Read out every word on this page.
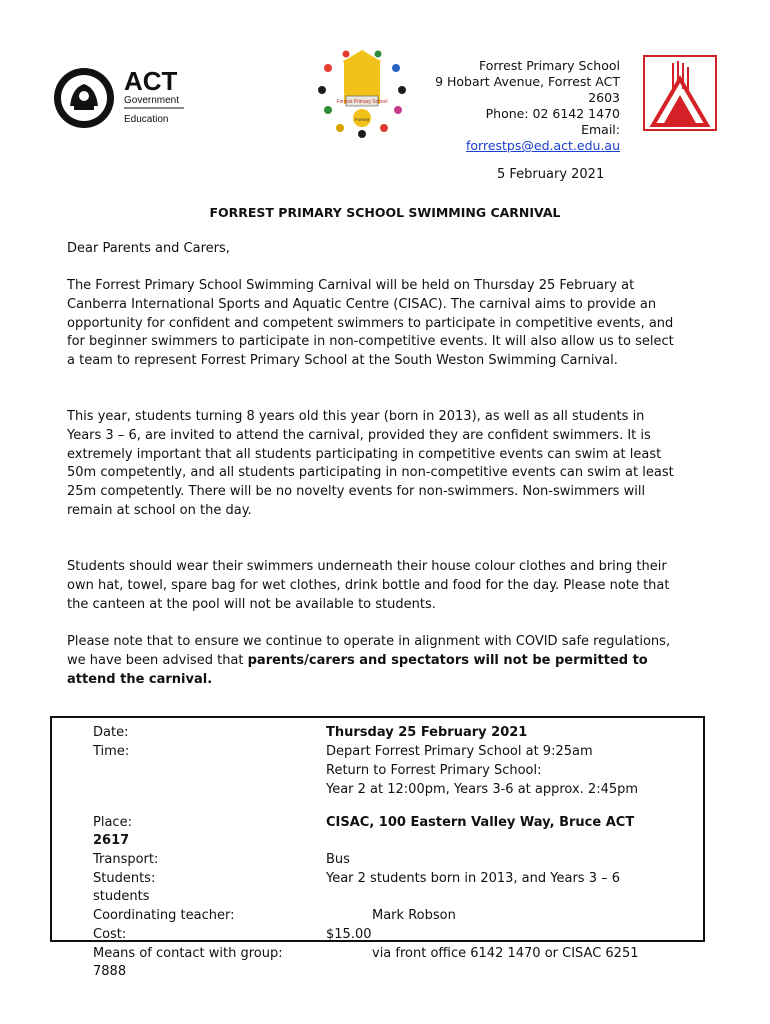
ACT
Government
Education
Forrest Primary School
Forrest
Forrest Primary School
9 Hobart Avenue, Forrest ACT
2603
Phone: 02 6142 1470
Email:
forrestps@ed.act.edu.au
5 February 2021
FORREST PRIMARY SCHOOL SWIMMING CARNIVAL

Dear Parents and Carers,

The Forrest Primary School Swimming Carnival will be held on Thursday 25 February at Canberra International Sports and Aquatic Centre (CISAC). The carnival aims to provide an opportunity for confident and competent swimmers to participate in competitive events, and for beginner swimmers to participate in non-competitive events. It will also allow us to select a team to represent Forrest Primary School at the South Weston Swimming Carnival.

This year, students turning 8 years old this year (born in 2013), as well as all students in Years 3 – 6, are invited to attend the carnival, provided they are confident swimmers. It is extremely important that all students participating in competitive events can swim at least 50m competently, and all students participating in non-competitive events can swim at least 25m competently. There will be no novelty events for non-swimmers. Non-swimmers will remain at school on the day.

Students should wear their swimmers underneath their house colour clothes and bring their own hat, towel, spare bag for wet clothes, drink bottle and food for the day. Please note that the canteen at the pool will not be available to students.

Please note that to ensure we continue to operate in alignment with COVID safe regulations, we have been advised that parents/carers and spectators will not be permitted to attend the carnival.

Date:	Thursday 25 February 2021
Time:	Depart Forrest Primary School at 9:25am
Return to Forrest Primary School:
Year 2 at 12:00pm, Years 3-6 at approx. 2:45pm
Place:	CISAC, 100 Eastern Valley Way, Bruce ACT
2617
Transport:	Bus
Students:	Year 2 students born in 2013, and Years 3 – 6
students
Coordinating teacher:	Mark Robson
Cost:	$15.00
Means of contact with group:	via front office 6142 1470 or CISAC 6251
7888
